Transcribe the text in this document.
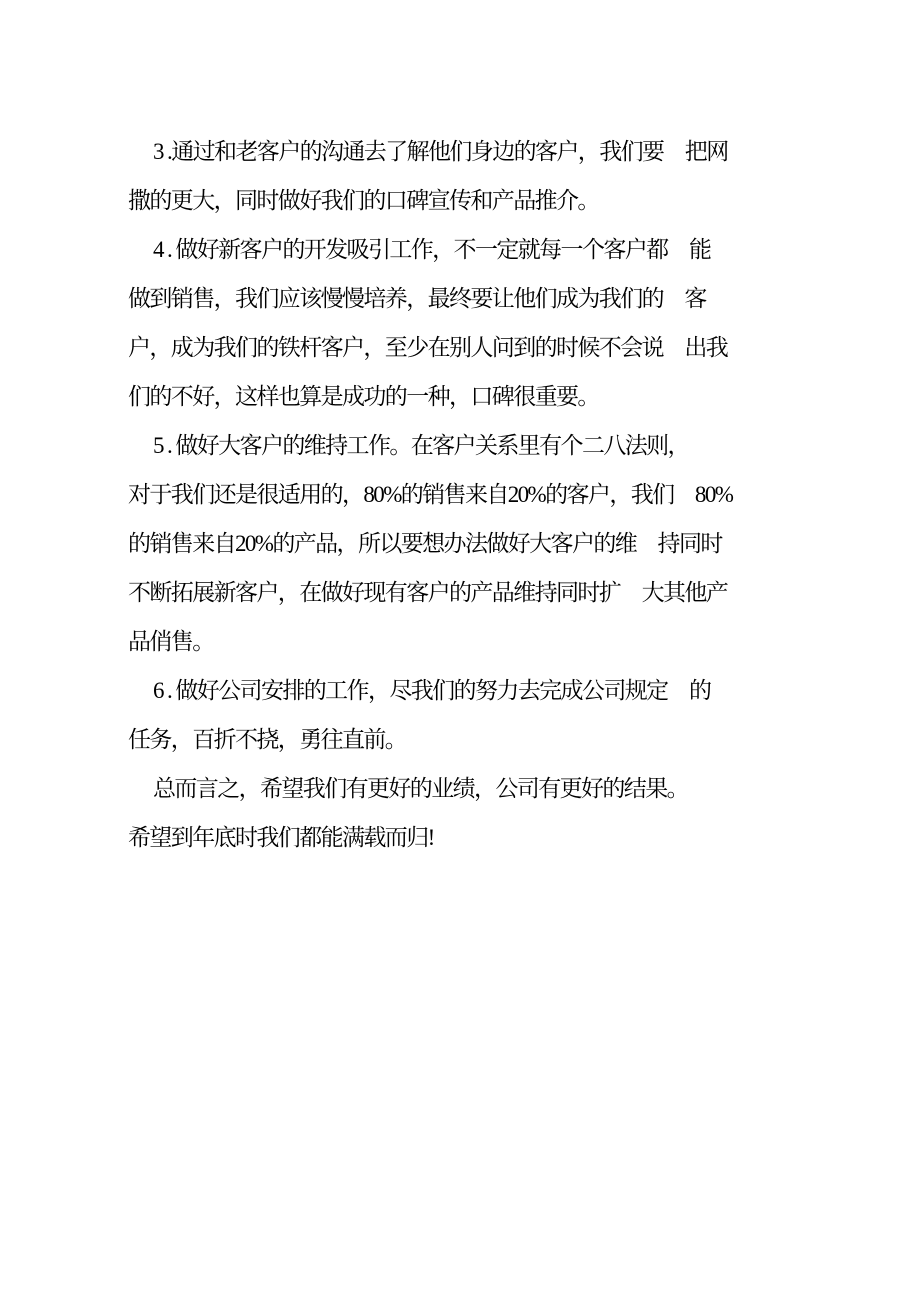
3 .通过和老客户的沟通去了解他们身边的客户，我们要　把网
撒的更大，同时做好我们的口碑宣传和产品推介。
4 . 做好新客户的开发吸引工作，不一定就每一个客户都　能
做到销售，我们应该慢慢培养，最终要让他们成为我们的　客
户，成为我们的铁杆客户，至少在别人问到的时候不会说　出我
们的不好，这样也算是成功的一种，口碑很重要。
5 . 做好大客户的维持工作。在客户关系里有个二八法则，
对于我们还是很适用的，80%的销售来自20%的客户，我们　80%
的销售来自20%的产品，所以要想办法做好大客户的维　持同时
不断拓展新客户，在做好现有客户的产品维持同时扩　大其他产
品俏售。
6 . 做好公司安排的工作，尽我们的努力去完成公司规定　的
任务，百折不挠，勇往直前。
总而言之，希望我们有更好的业绩，公司有更好的结果。
希望到年底时我们都能满载而归!
